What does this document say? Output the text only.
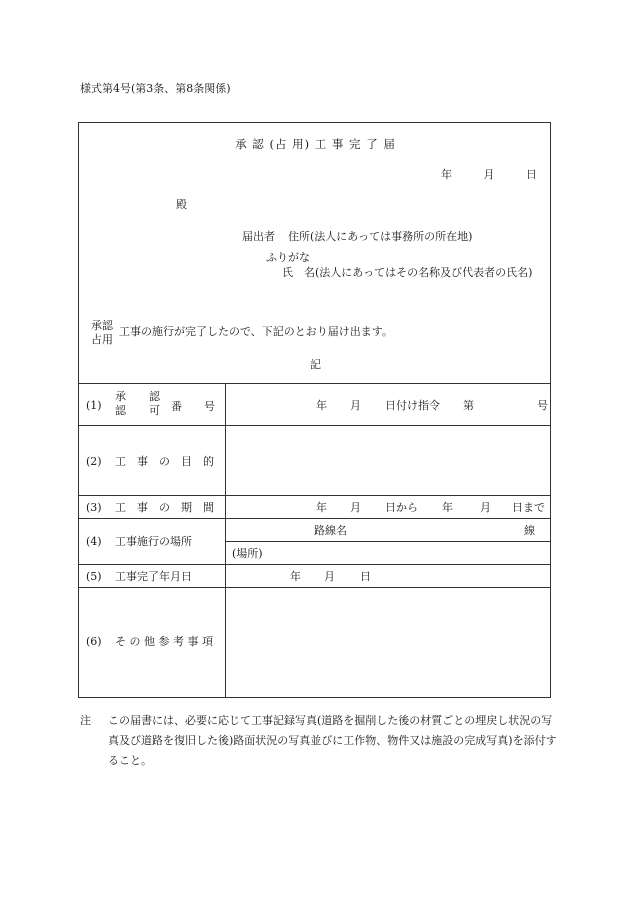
様式第4号(第3条、第8条関係)
承 認 (占 用) 工 事 完 了 届
年	月	日
殿
届出者 住所(法人にあっては事務所の所在地)
ふりがな
氏　名(法人にあってはその名称及び代表者の氏名)
承認
占用
工事の施行が完了したので、下記のとおり届け出ます。
記
(1)
承 認
認 可 番　　号	年 月 日付け指令 第	号
(2) 工　事　の　目　的
(3) 工　事　の　期　間	年 月 日から 年 月 日まで
(4) 工事施行の場所
路線名	線
(場所)
(5) 工事完了年月日	年 月 日
(6) そ の 他 参 考 事 項
注	この届書には、必要に応じて工事記録写真(道路を掘削した後の材質ごとの埋戻し状況の写真及び道路を復旧した後)路面状況の写真並びに工作物、物件又は施設の完成写真)を添付すること。
